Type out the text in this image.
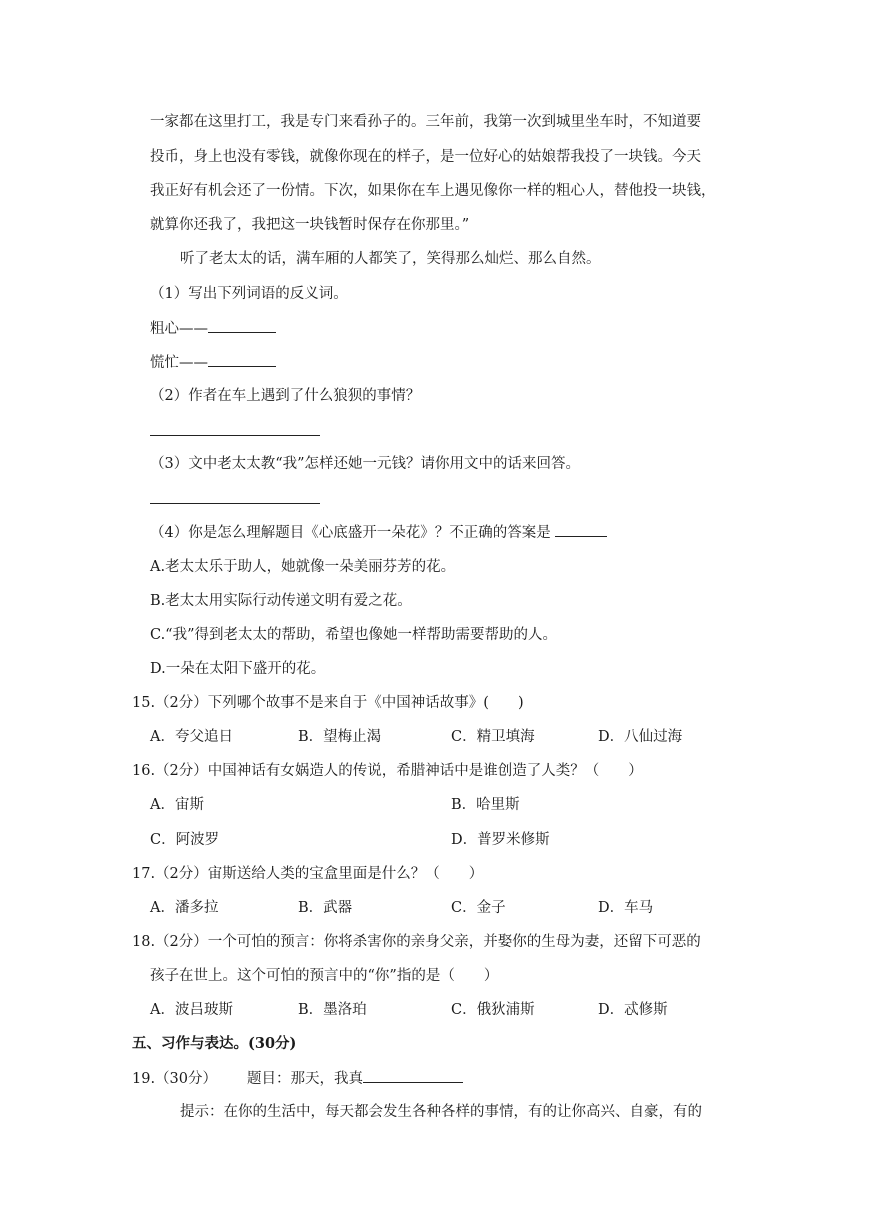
一家都在这里打工，我是专门来看孙子的。三年前，我第一次到城里坐车时，不知道要
投币，身上也没有零钱，就像你现在的样子，是一位好心的姑娘帮我投了一块钱。今天
我正好有机会还了一份情。下次，如果你在车上遇见像你一样的粗心人，替他投一块钱，
就算你还我了，我把这一块钱暂时保存在你那里。”
听了老太太的话，满车厢的人都笑了，笑得那么灿烂、那么自然。
（1）写出下列词语的反义词。
粗心——
慌忙——
（2）作者在车上遇到了什么狼狈的事情？
（3）文中老太太教“我”怎样还她一元钱？请你用文中的话来回答。
（4）你是怎么理解题目《心底盛开一朵花》？不正确的答案是
A.老太太乐于助人，她就像一朵美丽芬芳的花。
B.老太太用实际行动传递文明有爱之花。
C.“我”得到老太太的帮助，希望也像她一样帮助需要帮助的人。
D.一朵在太阳下盛开的花。
15.（2分）下列哪个故事不是来自于《中国神话故事》(　　)
A．夸父追日	B．望梅止渴	C．精卫填海	D．八仙过海
16.（2分）中国神话有女娲造人的传说，希腊神话中是谁创造了人类？（　　）
A．宙斯	B．哈里斯
C．阿波罗	D．普罗米修斯
17.（2分）宙斯送给人类的宝盒里面是什么？（　　）
A．潘多拉	B．武器	C．金子	D．车马
18.（2分）一个可怕的预言：你将杀害你的亲身父亲，并娶你的生母为妻，还留下可恶的
孩子在世上。这个可怕的预言中的“你”指的是（　　）
A．波吕玻斯	B．墨洛珀	C．俄狄浦斯	D．忒修斯
五、习作与表达。(30分)
19.（30分） 题目：那天，我真
提示：在你的生活中，每天都会发生各种各样的事情，有的让你高兴、自豪，有的
